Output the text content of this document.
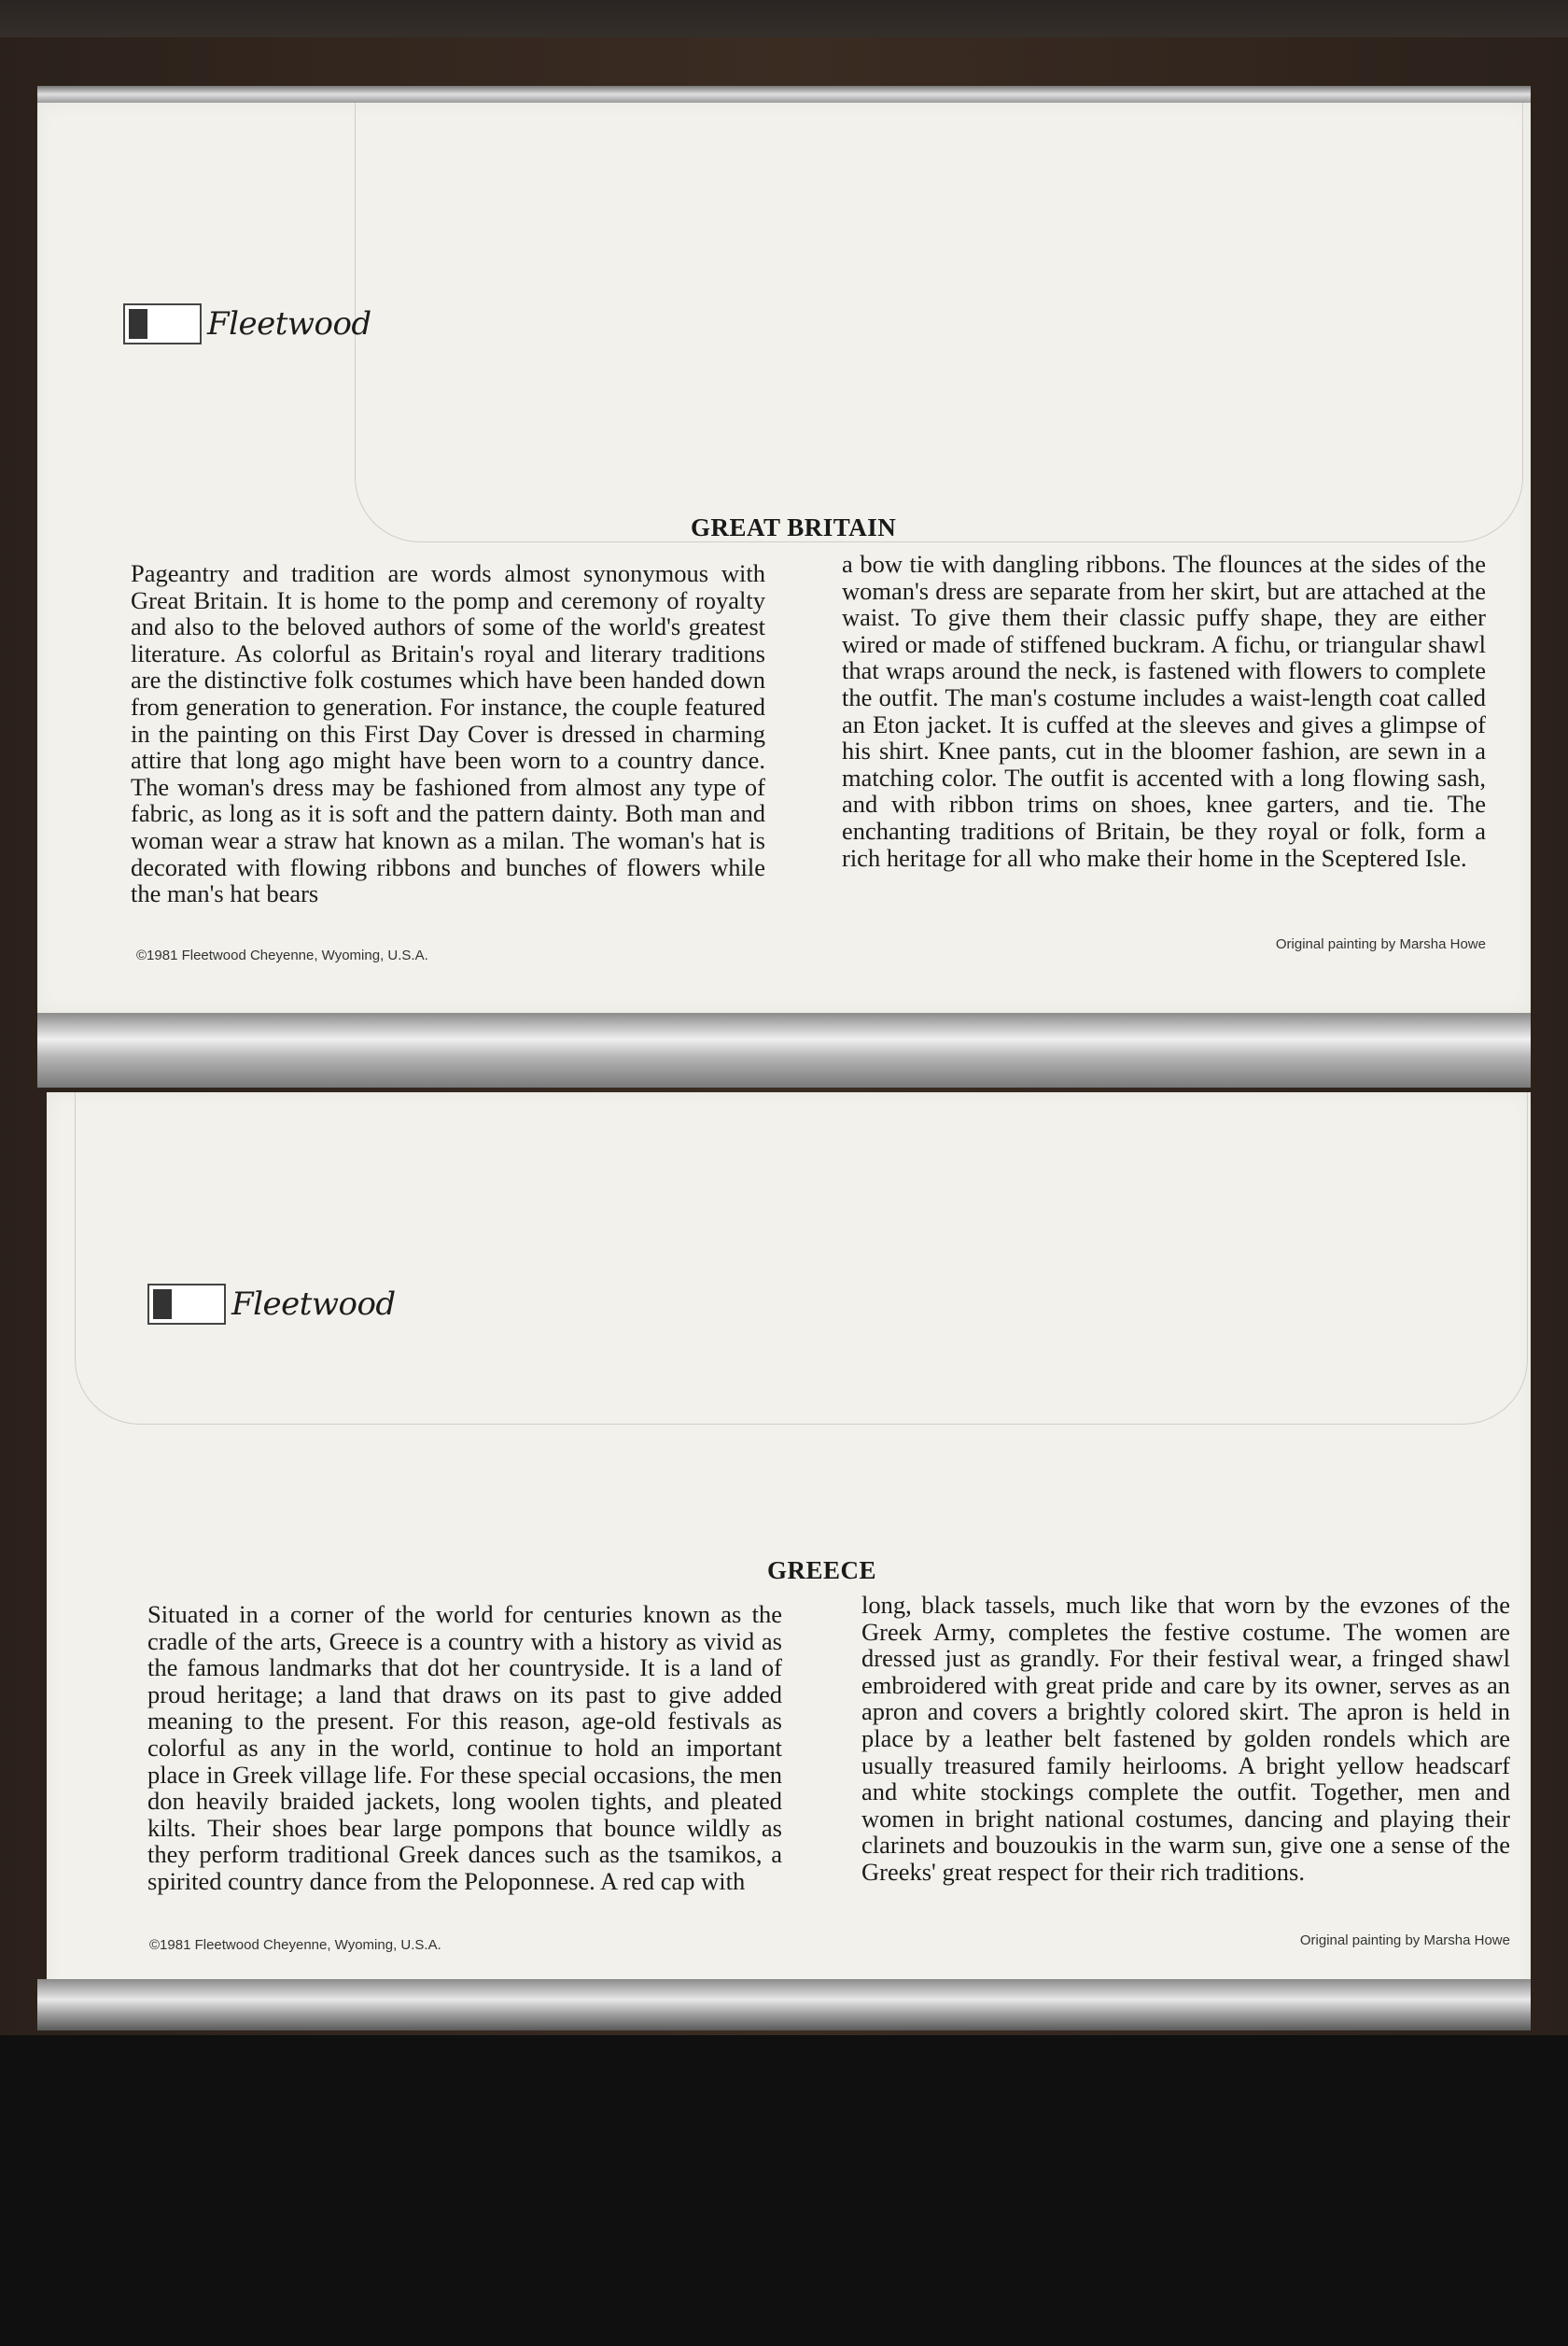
Fleetwood
GREAT BRITAIN
Pageantry and tradition are words almost synonymous with Great Britain. It is home to the pomp and ceremony of royalty and also to the beloved authors of some of the world's greatest literature. As colorful as Britain's royal and literary traditions are the distinctive folk costumes which have been handed down from generation to generation. For instance, the couple featured in the painting on this First Day Cover is dressed in charming attire that long ago might have been worn to a country dance. The woman's dress may be fashioned from almost any type of fabric, as long as it is soft and the pattern dainty. Both man and woman wear a straw hat known as a milan. The woman's hat is decorated with flowing ribbons and bunches of flowers while the man's hat bears
a bow tie with dangling ribbons. The flounces at the sides of the woman's dress are separate from her skirt, but are attached at the waist. To give them their classic puffy shape, they are either wired or made of stiffened buckram. A fichu, or triangular shawl that wraps around the neck, is fastened with flowers to complete the outfit. The man's costume includes a waist-length coat called an Eton jacket. It is cuffed at the sleeves and gives a glimpse of his shirt. Knee pants, cut in the bloomer fashion, are sewn in a matching color. The outfit is accented with a long flowing sash, and with ribbon trims on shoes, knee garters, and tie. The enchanting traditions of Britain, be they royal or folk, form a rich heritage for all who make their home in the Sceptered Isle.
©1981 Fleetwood Cheyenne, Wyoming, U.S.A.
Original painting by Marsha Howe
Fleetwood
GREECE
Situated in a corner of the world for centuries known as the cradle of the arts, Greece is a country with a history as vivid as the famous landmarks that dot her countryside. It is a land of proud heritage; a land that draws on its past to give added meaning to the present. For this reason, age-old festivals as colorful as any in the world, continue to hold an important place in Greek village life. For these special occasions, the men don heavily braided jackets, long woolen tights, and pleated kilts. Their shoes bear large pompons that bounce wildly as they perform traditional Greek dances such as the tsamikos, a spirited country dance from the Peloponnese. A red cap with
long, black tassels, much like that worn by the evzones of the Greek Army, completes the festive costume. The women are dressed just as grandly. For their festival wear, a fringed shawl embroidered with great pride and care by its owner, serves as an apron and covers a brightly colored skirt. The apron is held in place by a leather belt fastened by golden rondels which are usually treasured family heirlooms. A bright yellow headscarf and white stockings complete the outfit. Together, men and women in bright national costumes, dancing and playing their clarinets and bouzoukis in the warm sun, give one a sense of the Greeks' great respect for their rich traditions.
©1981 Fleetwood Cheyenne, Wyoming, U.S.A.	Original painting by Marsha Howe
